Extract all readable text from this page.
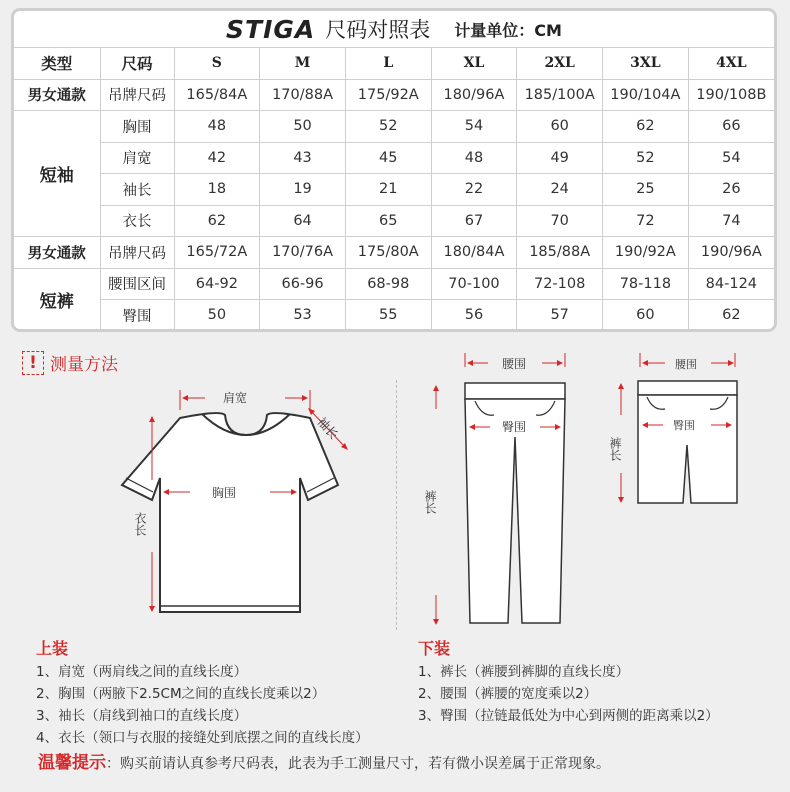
STIGA 尺码对照表 计量单位：CM
类型	尺码	S	M	L	XL	2XL	3XL	4XL
男女通款	吊牌尺码	165/84A	170/88A	175/92A	180/96A	185/100A	190/104A	190/108B
短袖	胸围	48	50	52	54	60	62	66
	肩宽	42	43	45	48	49	52	54
	袖长	18	19	21	22	24	25	26
	衣长	62	64	65	67	70	72	74
男女通款	吊牌尺码	165/72A	170/76A	175/80A	180/84A	185/88A	190/92A	190/96A
短裤	腰围区间	64-92	66-96	68-98	70-100	72-108	78-118	84-124
	臀围	50	53	55	56	57	60	62
! 测量方法
肩宽
袖长
胸围
衣长
腰围
臀围
裤长
腰围
臀围
裤长
上装
1、肩宽（两肩线之间的直线长度）
2、胸围（两腋下2.5CM之间的直线长度乘以2）
3、袖长（肩线到袖口的直线长度）
4、衣长（领口与衣服的接缝处到底摆之间的直线长度）
下装
1、裤长（裤腰到裤脚的直线长度）
2、腰围（裤腰的宽度乘以2）
3、臀围（拉链最低处为中心到两侧的距离乘以2）
温馨提示：购买前请认真参考尺码表，此表为手工测量尺寸，若有微小误差属于正常现象。
